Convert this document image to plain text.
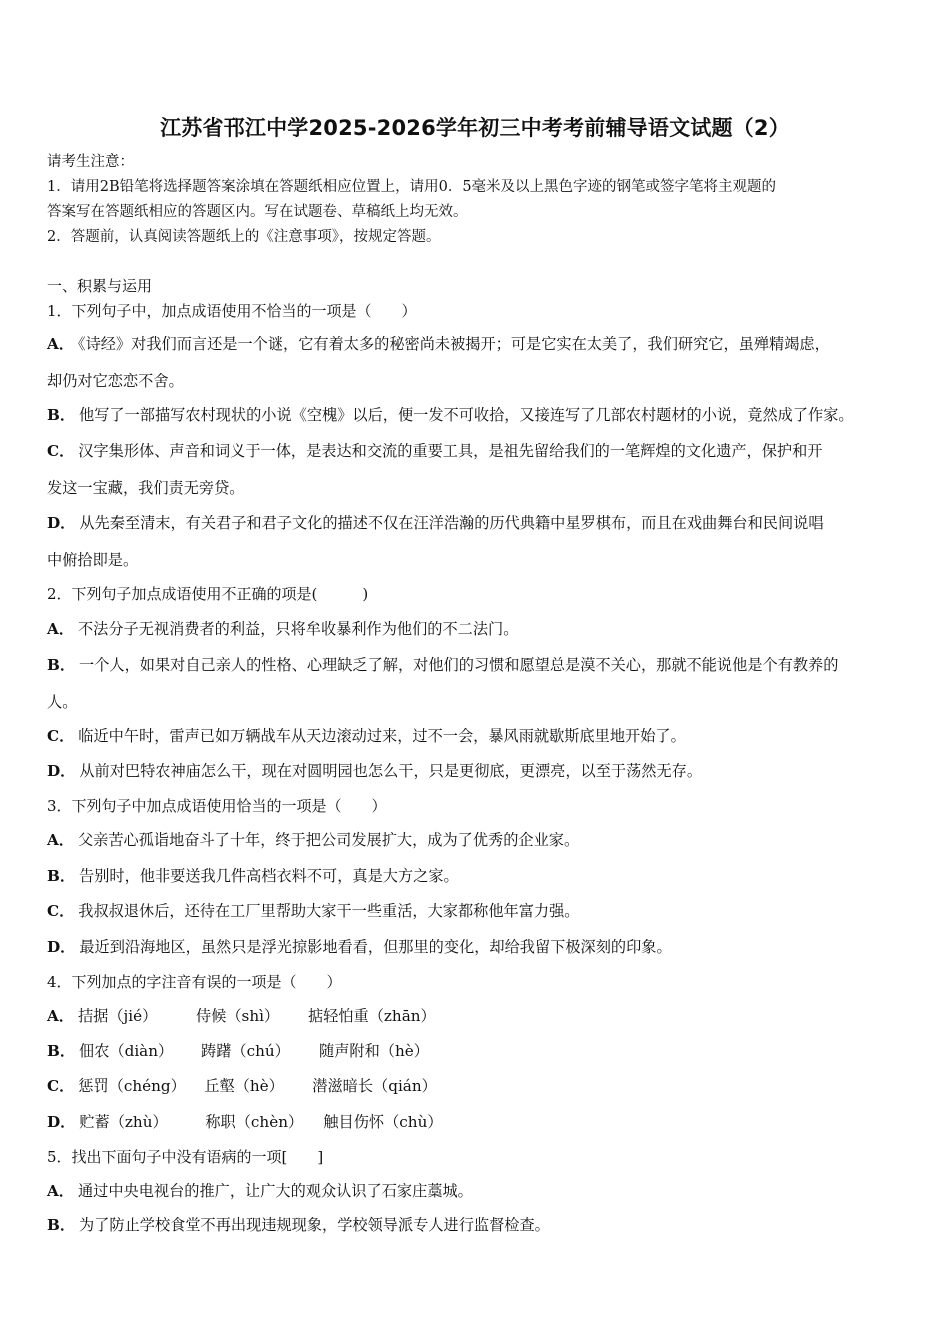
江苏省邗江中学2025-2026学年初三中考考前辅导语文试题（2）
请考生注意：
1．请用2B铅笔将选择题答案涂填在答题纸相应位置上，请用0．5毫米及以上黑色字迹的钢笔或签字笔将主观题的
答案写在答题纸相应的答题区内。写在试题卷、草稿纸上均无效。
2．答题前，认真阅读答题纸上的《注意事项》，按规定答题。
一、积累与运用
1．下列句子中，加点成语使用不恰当的一项是（　　）
A． 《诗经》对我们而言还是一个谜，它有着太多的秘密尚未被揭开；可是它实在太美了，我们研究它，虽殚精竭虑，
却仍对它恋恋不舍。
B． 他写了一部描写农村现状的小说《空槐》以后，便一发不可收拾，又接连写了几部农村题材的小说，竟然成了作家。
C． 汉字集形体、声音和词义于一体，是表达和交流的重要工具，是祖先留给我们的一笔辉煌的文化遗产，保护和开
发这一宝藏，我们责无旁贷。
D． 从先秦至清末，有关君子和君子文化的描述不仅在汪洋浩瀚的历代典籍中星罗棋布，而且在戏曲舞台和民间说唱
中俯拾即是。
2．下列句子加点成语使用不正确的项是(　　　)
A． 不法分子无视消费者的利益，只将牟收暴利作为他们的不二法门。
B． 一个人，如果对自己亲人的性格、心理缺乏了解，对他们的习惯和愿望总是漠不关心，那就不能说他是个有教养的
人。
C． 临近中午时，雷声已如万辆战车从天边滚动过来，过不一会，暴风雨就歇斯底里地开始了。
D． 从前对巴特农神庙怎么干，现在对圆明园也怎么干，只是更彻底，更漂亮，以至于荡然无存。
3．下列句子中加点成语使用恰当的一项是（　　）
A． 父亲苦心孤诣地奋斗了十年，终于把公司发展扩大，成为了优秀的企业家。
B． 告别时，他非要送我几件高档衣料不可，真是大方之家。
C． 我叔叔退休后，还待在工厂里帮助大家干一些重活，大家都称他年富力强。
D． 最近到沿海地区，虽然只是浮光掠影地看看，但那里的变化，却给我留下极深刻的印象。
4．下列加点的字注音有误的一项是（　　）
A． 拮据（jié）	侍候（shì） 掂轻怕重（zhān）
B． 佃农（diàn） 踌躇（chú） 随声附和（hè）
C． 惩罚（chéng） 丘壑（hè） 潜滋暗长（qián）
D． 贮蓄（zhù） 称职（chèn） 触目伤怀（chù）
5．找出下面句子中没有语病的一项[　　]
A． 通过中央电视台的推广，让广大的观众认识了石家庄藁城。
B． 为了防止学校食堂不再出现违规现象，学校领导派专人进行监督检查。
